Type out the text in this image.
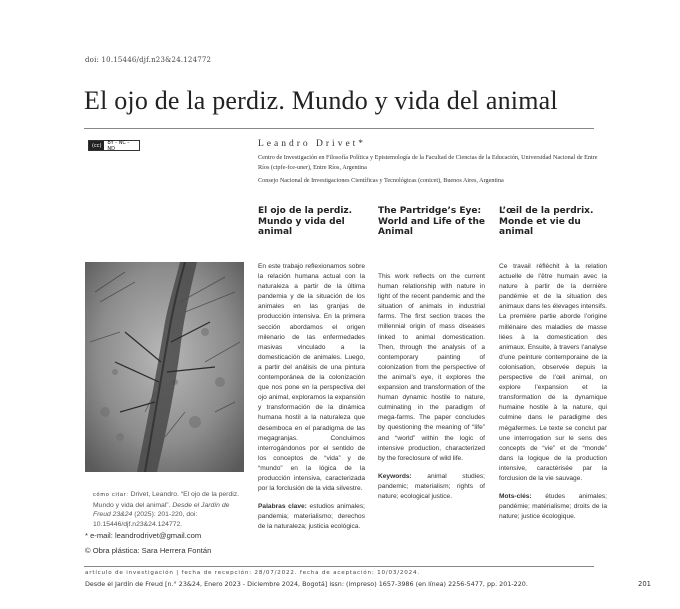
doi: 10.15446/djf.n23&24.124772
El ojo de la perdiz. Mundo y vida del animal
(cc)	BY - NC - ND	Leandro Drivet*
Centro de Investigación en Filosofía Política y Epistemología de la Facultad de Ciencias de la Educación, Universidad Nacional de Entre Ríos (cipfe-fce-uner), Entre Ríos, Argentina
Consejo Nacional de Investigaciones Científicas y Tecnológicas (conicet), Buenos Aires, Argentina
El ojo de la perdiz. Mundo y vida del animal
The Partridge’s Eye: World and Life of the Animal
L’œil de la perdrix. Monde et vie du animal

En este trabajo reflexionamos sobre la relación humana actual con la naturaleza a partir de la última pandemia y de la situación de los animales en las granjas de producción intensiva. En la primera sección abordamos el origen milenario de las enfermedades masivas vinculado a la domesticación de animales. Luego, a partir del análisis de una pintura contemporánea de la colonización que nos pone en la perspectiva del ojo animal, exploramos la expansión y transformación de la dinámica humana hostil a la naturaleza que desemboca en el paradigma de las megagranjas. Concluimos interrogándonos por el sentido de los conceptos de “vida” y de “mundo” en la lógica de la producción intensiva, caracterizada por la forclusión de la vida silvestre.

Palabras clave: estudios animales; pandemia; materialismo; derechos de la naturaleza; justicia ecológica.

This work reflects on the current human relationship with nature in light of the recent pandemic and the situation of animals in industrial farms. The first section traces the millennial origin of mass diseases linked to animal domestication. Then, through the analysis of a contemporary painting of colonization from the perspective of the animal’s eye, it explores the expansion and transformation of the human dynamic hostile to nature, culminating in the paradigm of mega-farms. The paper concludes by questioning the meaning of “life” and “world” within the logic of intensive production, characterized by the foreclosure of wild life.

Keywords: animal studies; pandemic; materialism; rights of nature; ecological justice.

Ce travail réfléchit à la relation actuelle de l’être humain avec la nature à partir de la dernière pandémie et de la situation des animaux dans les élevages intensifs. La première partie aborde l’origine millénaire des maladies de masse liées à la domestication des animaux. Ensuite, à travers l’analyse d’une peinture contemporaine de la colonisation, observée depuis la perspective de l’œil animal, on explore l’expansion et la transformation de la dynamique humaine hostile à la nature, qui culmine dans le paradigme des mégafermes. Le texte se conclut par une interrogation sur le sens des concepts de “vie” et de “monde” dans la logique de la production intensive, caractérisée par la forclusion de la vie sauvage.

Mots-clés: études animales; pandémie; matérialisme; droits de la nature; justice écologique.

cómo citar: Drivet, Leandro. “El ojo de la perdiz. Mundo y vida del animal”. Desde el Jardín de Freud 23&24 (2025): 201-220, doi: 10.15446/djf.n23&24.124772.
* e-mail: leandrodrivet@gmail.com
© Obra plástica: Sara Herrera Fontán
artículo de investigación | fecha de recepción: 28/07/2022. fecha de aceptación: 10/03/2024.
Desde el Jardín de Freud [n.° 23&24, Enero 2023 - Diciembre 2024, Bogotá] issn: (impreso) 1657-3986 (en línea) 2256-5477, pp. 201-220.	201
